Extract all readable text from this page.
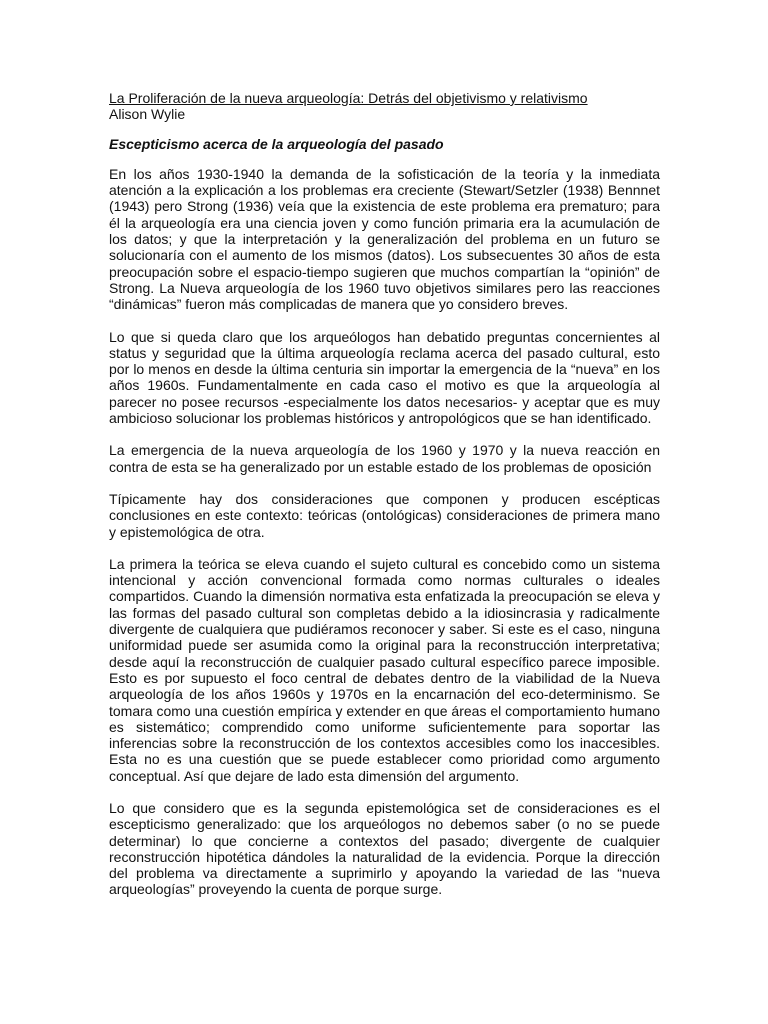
La Proliferación de la nueva arqueología: Detrás del objetivismo y relativismo

Alison Wylie

Escepticismo acerca de la arqueología del pasado

En los años 1930-1940 la demanda de la sofisticación de la teoría y la inmediata atención a la explicación a los problemas era creciente (Stewart/Setzler (1938) Bennnet (1943) pero Strong (1936) veía que la existencia de este problema era prematuro; para él la arqueología era una ciencia joven y como función primaria era la acumulación de los datos; y que la interpretación y la generalización del problema en un futuro se solucionaría con el aumento de los mismos (datos). Los subsecuentes 30 años de esta preocupación sobre el espacio-tiempo sugieren que muchos compartían la “opinión” de Strong. La Nueva arqueología de los 1960 tuvo objetivos similares pero las reacciones “dinámicas” fueron más complicadas de manera que yo considero breves.

Lo que si queda claro que los arqueólogos han debatido preguntas concernientes al status y seguridad que la última arqueología reclama acerca del pasado cultural, esto por lo menos en desde la última centuria sin importar la emergencia de la “nueva” en los años 1960s. Fundamentalmente en cada caso el motivo es que la arqueología al parecer no posee recursos -especialmente los datos necesarios- y aceptar que es muy ambicioso solucionar los problemas históricos y antropológicos que se han identificado.

La emergencia de la nueva arqueología de los 1960 y 1970 y la nueva reacción en contra de esta se ha generalizado por un estable estado de los problemas de oposición

Típicamente hay dos consideraciones que componen y producen escépticas conclusiones en este contexto: teóricas (ontológicas) consideraciones de primera mano y epistemológica de otra.

La primera la teórica se eleva cuando el sujeto cultural es concebido como un sistema intencional y acción convencional formada como normas culturales o ideales compartidos. Cuando la dimensión normativa esta enfatizada la preocupación se eleva y las formas del pasado cultural son completas debido a la idiosincrasia y radicalmente divergente de cualquiera que pudiéramos reconocer y saber. Si este es el caso, ninguna uniformidad puede ser asumida como la original para la reconstrucción interpretativa; desde aquí la reconstrucción de cualquier pasado cultural específico parece imposible. Esto es por supuesto el foco central de debates dentro de la viabilidad de la Nueva arqueología de los años 1960s y 1970s en la encarnación del eco-determinismo. Se tomara como una cuestión empírica y extender en que áreas el comportamiento humano es sistemático; comprendido como uniforme suficientemente para soportar las inferencias sobre la reconstrucción de los contextos accesibles como los inaccesibles. Esta no es una cuestión que se puede establecer como prioridad como argumento conceptual. Así que dejare de lado esta dimensión del argumento.

Lo que considero que es la segunda epistemológica set de consideraciones es el escepticismo generalizado: que los arqueólogos no debemos saber (o no se puede determinar) lo que concierne a contextos del pasado; divergente de cualquier reconstrucción hipotética dándoles la naturalidad de la evidencia. Porque la dirección del problema va directamente a suprimirlo y apoyando la variedad de las “nueva arqueologías” proveyendo la cuenta de porque surge.
